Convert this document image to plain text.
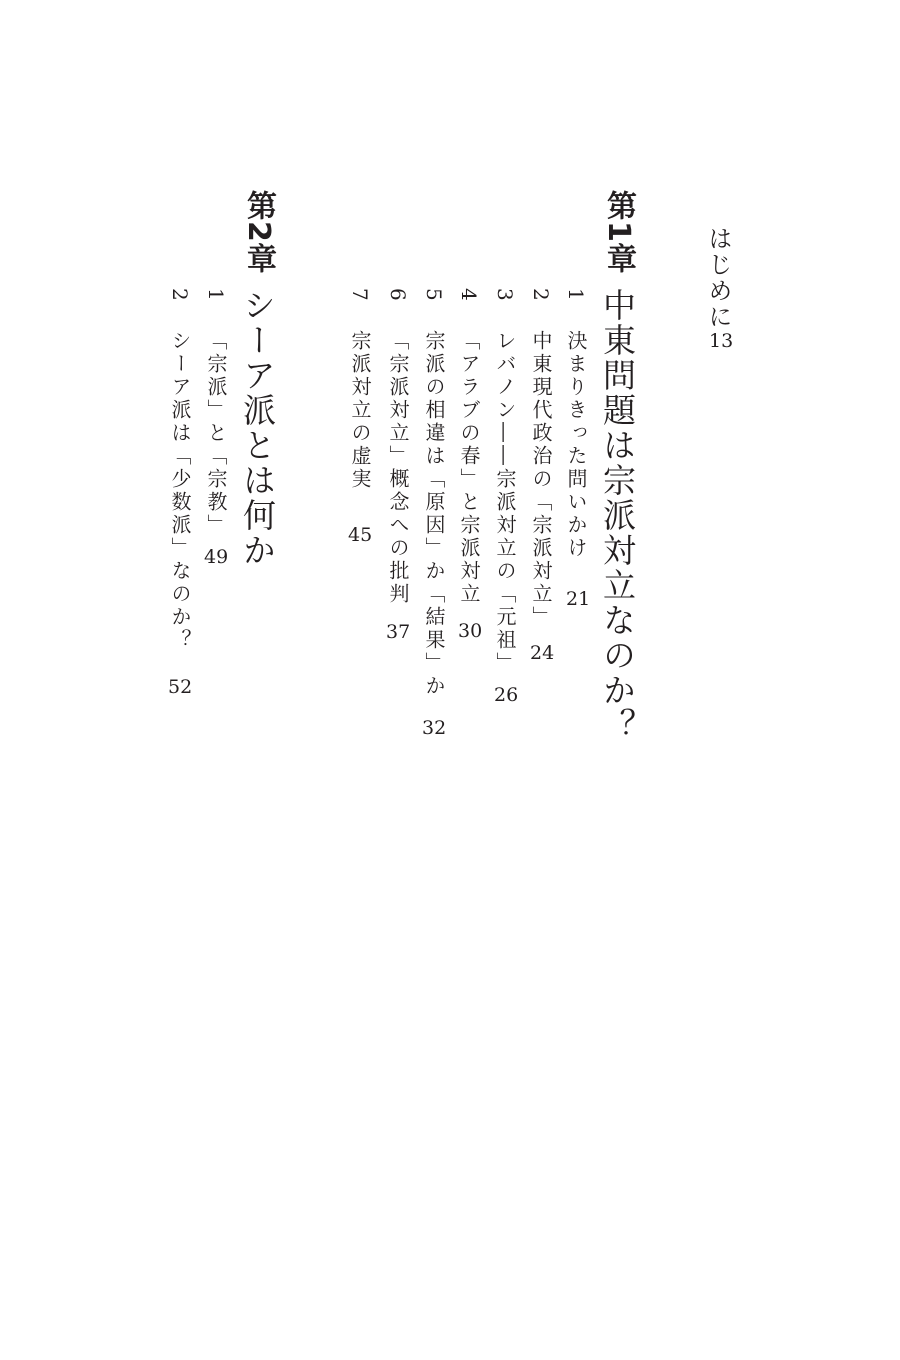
はじめに
13
第1章
中東問題は宗派対立なのか？
1
決まりきった問いかけ
21
2
中東現代政治の「宗派対立」
24
3
レバノン――宗派対立の「元祖」
26
4
「アラブの春」と宗派対立
30
5
宗派の相違は「原因」か「結果」か
32
6
「宗派対立」概念への批判
37
7
宗派対立の虚実
45
第2章
シーア派とは何か
1
「宗派」と「宗教」
49
2
シーア派は「少数派」なのか？
52
